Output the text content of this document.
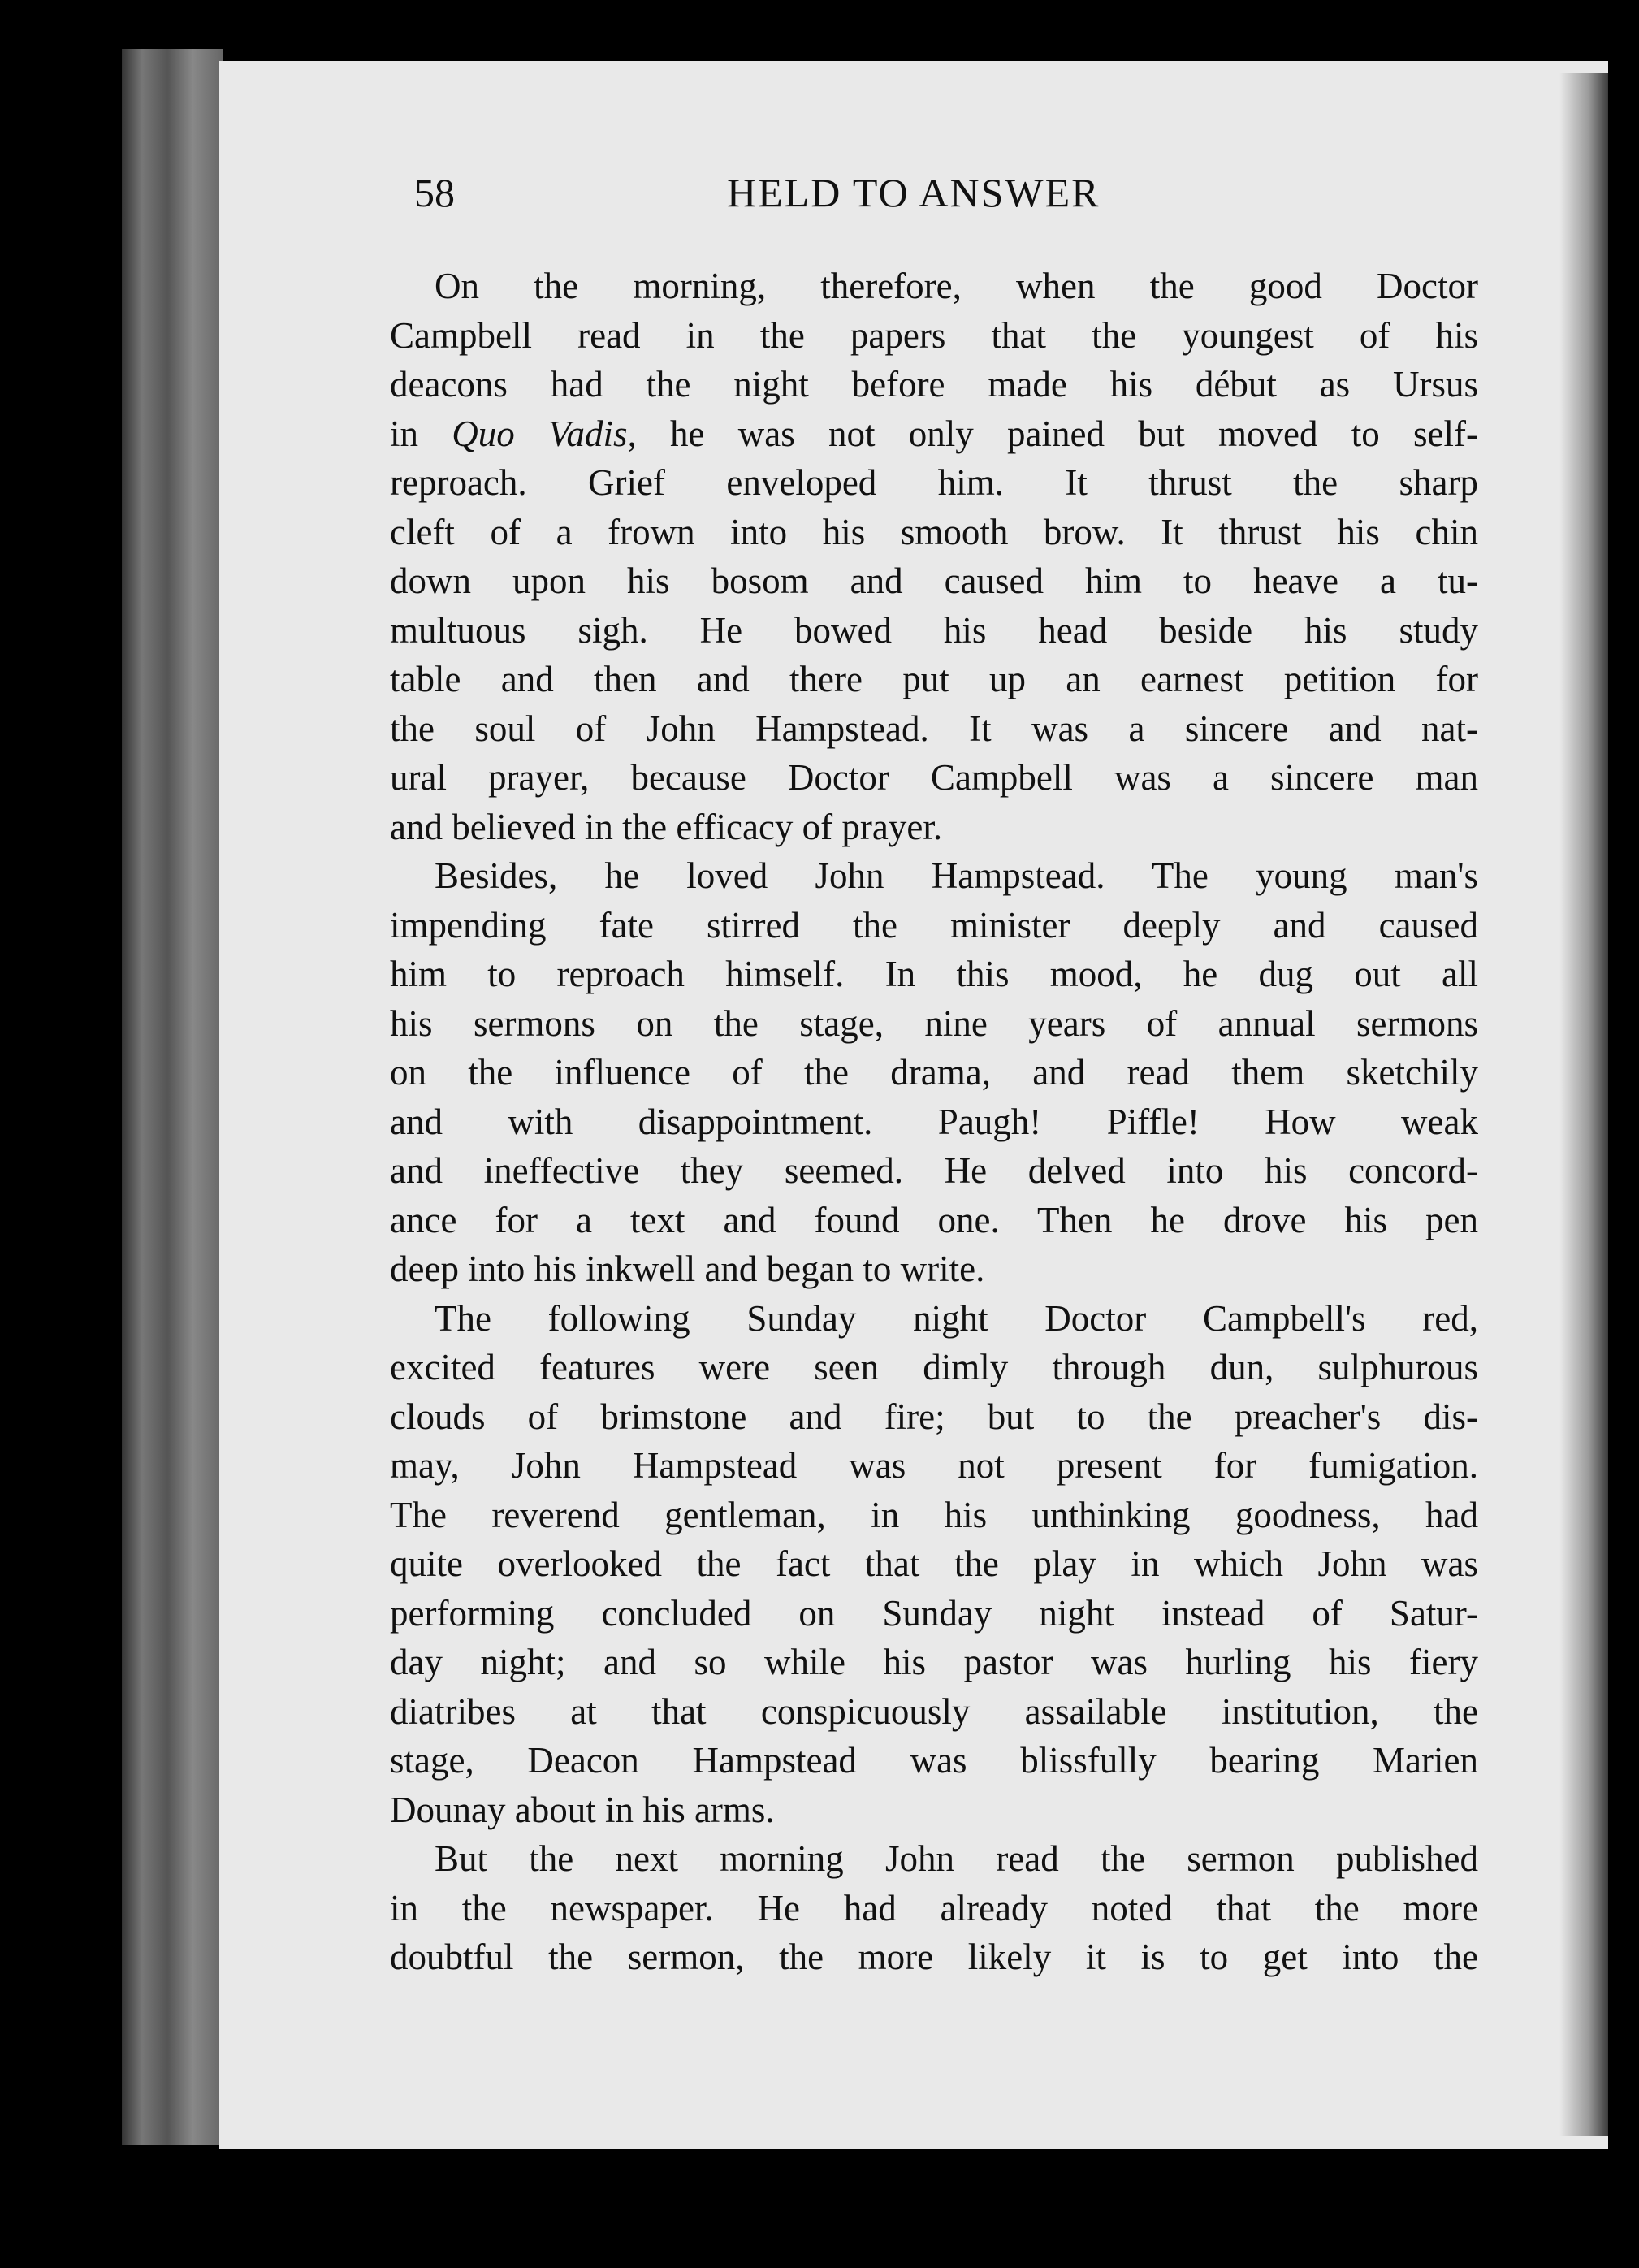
58	HELD TO ANSWER
On the morning, therefore, when the good Doctor
Campbell read in the papers that the youngest of his
deacons had the night before made his début as Ursus
in Quo Vadis, he was not only pained but moved to self-
reproach. Grief enveloped him. It thrust the sharp
cleft of a frown into his smooth brow. It thrust his chin
down upon his bosom and caused him to heave a tu-
multuous sigh. He bowed his head beside his study
table and then and there put up an earnest petition for
the soul of John Hampstead. It was a sincere and nat-
ural prayer, because Doctor Campbell was a sincere man
and believed in the efficacy of prayer.
Besides, he loved John Hampstead. The young man's
impending fate stirred the minister deeply and caused
him to reproach himself. In this mood, he dug out all
his sermons on the stage, nine years of annual sermons
on the influence of the drama, and read them sketchily
and with disappointment. Paugh! Piffle! How weak
and ineffective they seemed. He delved into his concord-
ance for a text and found one. Then he drove his pen
deep into his inkwell and began to write.
The following Sunday night Doctor Campbell's red,
excited features were seen dimly through dun, sulphurous
clouds of brimstone and fire; but to the preacher's dis-
may, John Hampstead was not present for fumigation.
The reverend gentleman, in his unthinking goodness, had
quite overlooked the fact that the play in which John was
performing concluded on Sunday night instead of Satur-
day night; and so while his pastor was hurling his fiery
diatribes at that conspicuously assailable institution, the
stage, Deacon Hampstead was blissfully bearing Marien
Dounay about in his arms.
But the next morning John read the sermon published
in the newspaper. He had already noted that the more
doubtful the sermon, the more likely it is to get into the
